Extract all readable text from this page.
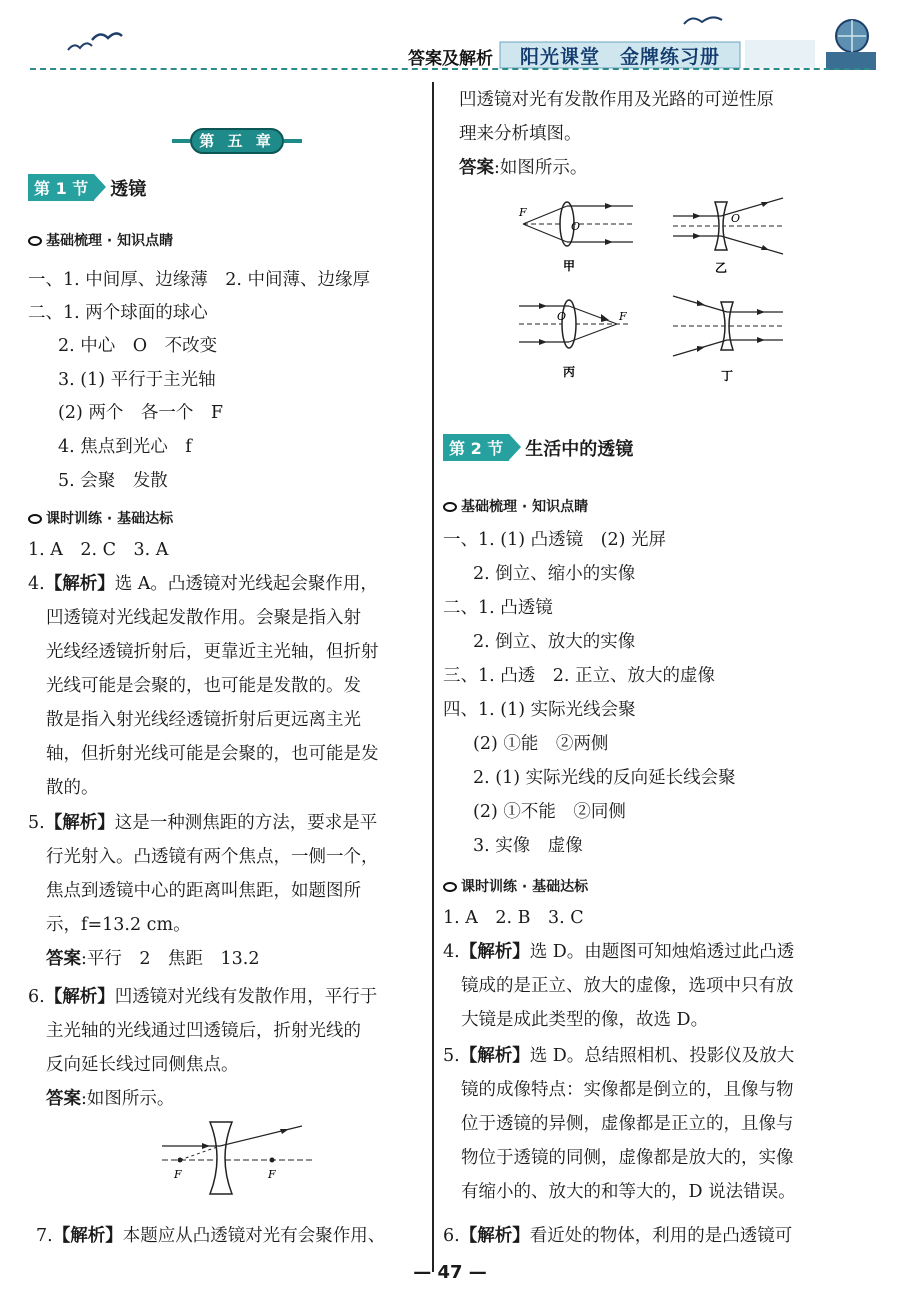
答案及解析 阳光课堂　金牌练习册
第 五 章
第 1 节 透镜
基础梳理 · 知识点睛
一、1. 中间厚、边缘薄　2. 中间薄、边缘厚
二、1. 两个球面的球心
2. 中心　O　不改变
3. (1) 平行于主光轴
(2) 两个　各一个　F
4. 焦点到光心　f
5. 会聚　发散
课时训练 · 基础达标
1. A　2. C　3. A
4.【解析】选 A。凸透镜对光线起会聚作用，
凹透镜对光线起发散作用。会聚是指入射
光线经透镜折射后，更靠近主光轴，但折射
光线可能是会聚的，也可能是发散的。发
散是指入射光线经透镜折射后更远离主光
轴，但折射光线可能是会聚的，也可能是发
散的。
5.【解析】这是一种测焦距的方法，要求是平
行光射入。凸透镜有两个焦点，一侧一个，
焦点到透镜中心的距离叫焦距，如题图所
示，f=13.2 cm。
答案:平行　2　焦距　13.2
6.【解析】凹透镜对光线有发散作用，平行于
主光轴的光线通过凹透镜后，折射光线的
反向延长线过同侧焦点。
答案:如图所示。
F	F
7.【解析】本题应从凸透镜对光有会聚作用、
凹透镜对光有发散作用及光路的可逆性原
理来分析填图。
答案:如图所示。
F
O
甲
O
乙
O	F
丙	丁
第 2 节 生活中的透镜
基础梳理 · 知识点睛
一、1. (1) 凸透镜　(2) 光屏
2. 倒立、缩小的实像
二、1. 凸透镜
2. 倒立、放大的实像
三、1. 凸透　2. 正立、放大的虚像
四、1. (1) 实际光线会聚
(2) ①能　②两侧
2. (1) 实际光线的反向延长线会聚
(2) ①不能　②同侧
3. 实像　虚像
课时训练 · 基础达标
1. A　2. B　3. C
4.【解析】选 D。由题图可知烛焰透过此凸透
镜成的是正立、放大的虚像，选项中只有放
大镜是成此类型的像，故选 D。
5.【解析】选 D。总结照相机、投影仪及放大
镜的成像特点：实像都是倒立的，且像与物
位于透镜的异侧，虚像都是正立的，且像与
物位于透镜的同侧，虚像都是放大的，实像
有缩小的、放大的和等大的，D 说法错误。
6.【解析】看近处的物体，利用的是凸透镜可
— 47 —
